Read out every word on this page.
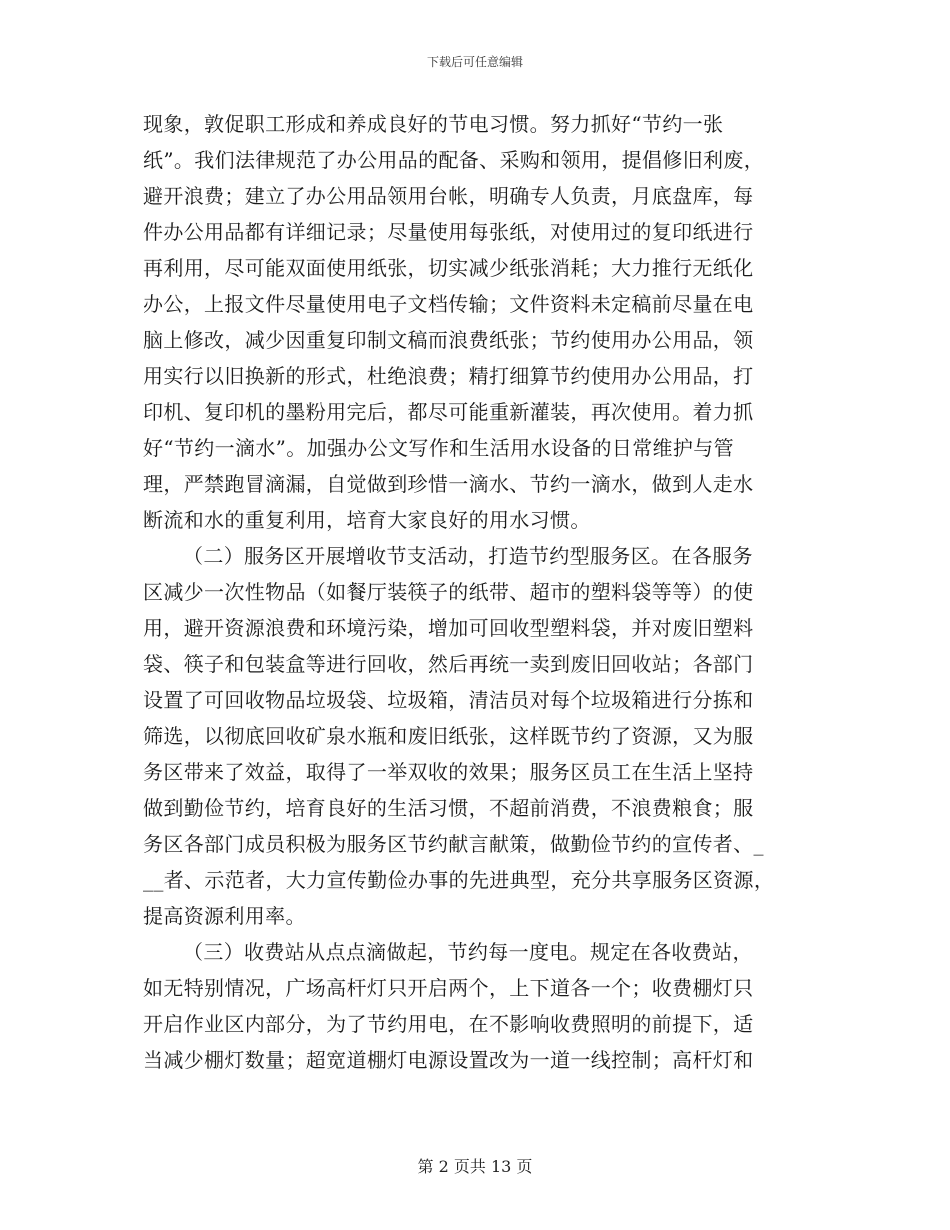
下载后可任意编辑
现象，敦促职工形成和养成良好的节电习惯。努力抓好“节约一张
纸”。我们法律规范了办公用品的配备、采购和领用，提倡修旧利废，
避开浪费；建立了办公用品领用台帐，明确专人负责，月底盘库，每
件办公用品都有详细记录；尽量使用每张纸，对使用过的复印纸进行
再利用，尽可能双面使用纸张，切实减少纸张消耗；大力推行无纸化
办公，上报文件尽量使用电子文档传输；文件资料未定稿前尽量在电
脑上修改，减少因重复印制文稿而浪费纸张；节约使用办公用品，领
用实行以旧换新的形式，杜绝浪费；精打细算节约使用办公用品，打
印机、复印机的墨粉用完后，都尽可能重新灌装，再次使用。着力抓
好“节约一滴水”。加强办公文写作和生活用水设备的日常维护与管
理，严禁跑冒滴漏，自觉做到珍惜一滴水、节约一滴水，做到人走水
断流和水的重复利用，培育大家良好的用水习惯。
（二）服务区开展增收节支活动，打造节约型服务区。在各服务
区减少一次性物品（如餐厅装筷子的纸带、超市的塑料袋等等）的使
用，避开资源浪费和环境污染，增加可回收型塑料袋，并对废旧塑料
袋、筷子和包装盒等进行回收，然后再统一卖到废旧回收站；各部门
设置了可回收物品垃圾袋、垃圾箱，清洁员对每个垃圾箱进行分拣和
筛选，以彻底回收矿泉水瓶和废旧纸张，这样既节约了资源，又为服
务区带来了效益，取得了一举双收的效果；服务区员工在生活上坚持
做到勤俭节约，培育良好的生活习惯，不超前消费，不浪费粮食；服
务区各部门成员积极为服务区节约献言献策，做勤俭节约的宣传者、_
__者、示范者，大力宣传勤俭办事的先进典型，充分共享服务区资源，
提高资源利用率。
（三）收费站从点点滴做起，节约每一度电。规定在各收费站，
如无特别情况，广场高杆灯只开启两个，上下道各一个；收费棚灯只
开启作业区内部分，为了节约用电，在不影响收费照明的前提下，适
当减少棚灯数量；超宽道棚灯电源设置改为一道一线控制；高杆灯和
第 2 页共 13 页
